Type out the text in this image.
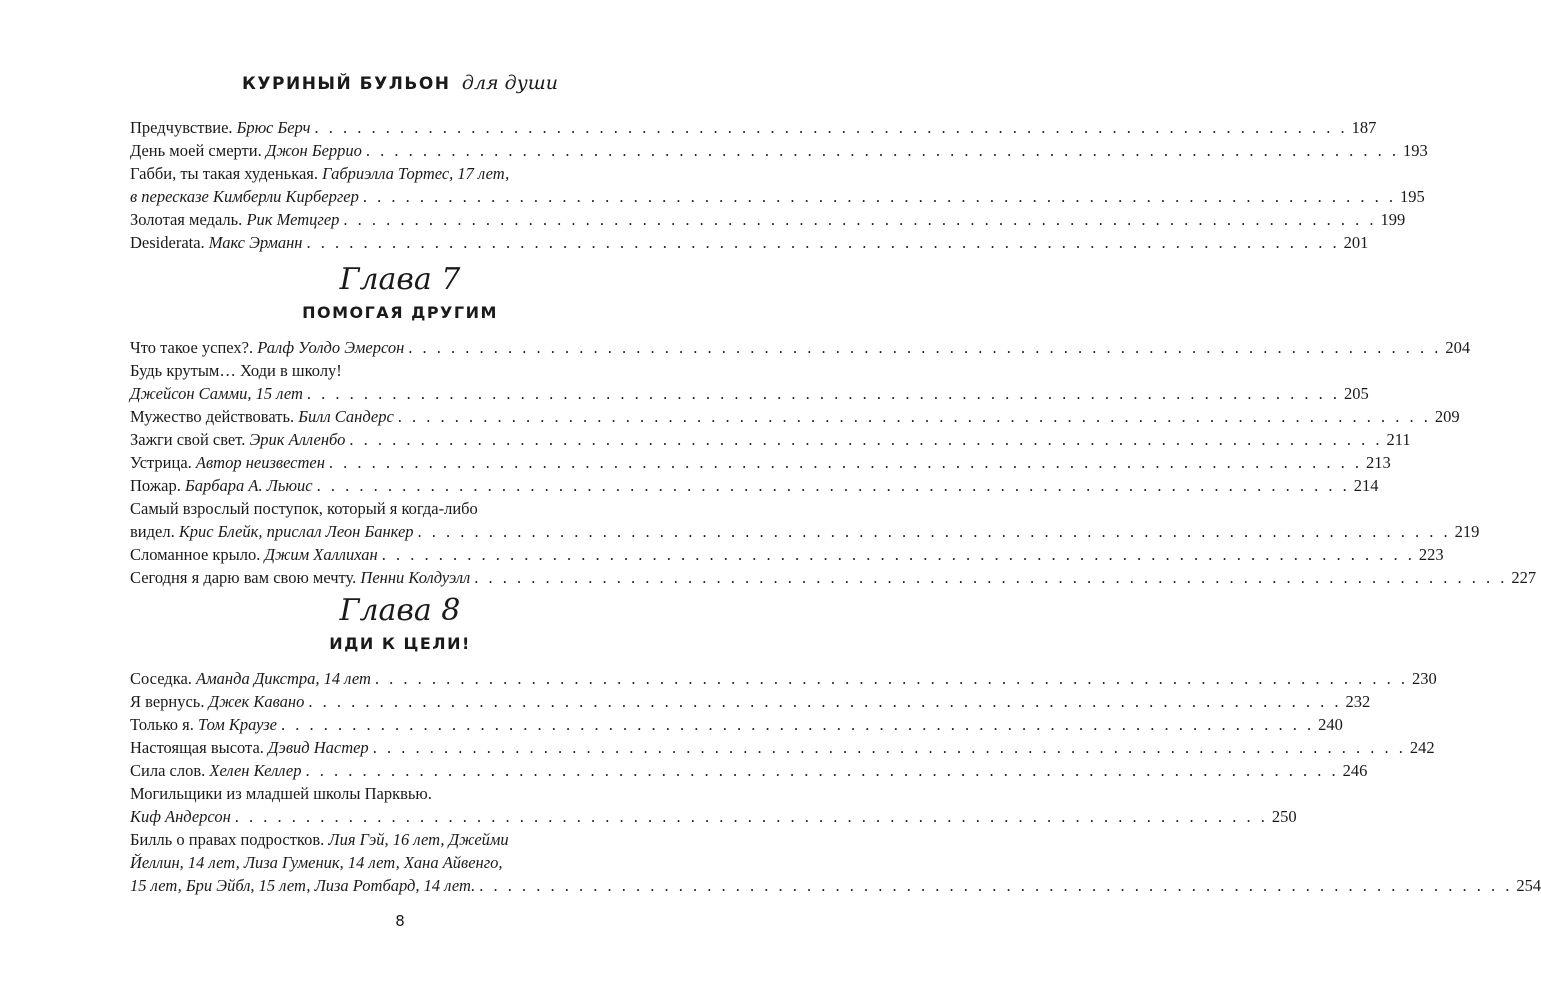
КУРИНЫЙ БУЛЬОН для души
Предчувствие. Брюс Берч . . . . . . . . . . . . . . . . . . . . . . . . . . . . . . . . . . . . . . . . . . . . . . . . . . . . . . . . . . . . . . . . . . . . . . . . . 187
День моей смерти. Джон Беррио . . . . . . . . . . . . . . . . . . . . . . . . . . . . . . . . . . . . . . . . . . . . . . . . . . . . . . . . . . . . . . . . . . . . . . . . . 193
Габби, ты такая худенькая. Габриэлла Тортес, 17 лет,
в пересказе Кимберли Кирбергер . . . . . . . . . . . . . . . . . . . . . . . . . . . . . . . . . . . . . . . . . . . . . . . . . . . . . . . . . . . . . . . . . . . . . . . . . 195
Золотая медаль. Рик Метцгер . . . . . . . . . . . . . . . . . . . . . . . . . . . . . . . . . . . . . . . . . . . . . . . . . . . . . . . . . . . . . . . . . . . . . . . . . 199
Desiderata. Макс Эрманн . . . . . . . . . . . . . . . . . . . . . . . . . . . . . . . . . . . . . . . . . . . . . . . . . . . . . . . . . . . . . . . . . . . . . . . . . 201
Глава 7
ПОМОГАЯ ДРУГИМ
Что такое успех?. Ралф Уолдо Эмерсон . . . . . . . . . . . . . . . . . . . . . . . . . . . . . . . . . . . . . . . . . . . . . . . . . . . . . . . . . . . . . . . . . . . . . . . . . 204
Будь крутым… Ходи в школу!
Джейсон Самми, 15 лет . . . . . . . . . . . . . . . . . . . . . . . . . . . . . . . . . . . . . . . . . . . . . . . . . . . . . . . . . . . . . . . . . . . . . . . . . 205
Мужество действовать. Билл Сандерс . . . . . . . . . . . . . . . . . . . . . . . . . . . . . . . . . . . . . . . . . . . . . . . . . . . . . . . . . . . . . . . . . . . . . . . . . 209
Зажги свой свет. Эрик Алленбо . . . . . . . . . . . . . . . . . . . . . . . . . . . . . . . . . . . . . . . . . . . . . . . . . . . . . . . . . . . . . . . . . . . . . . . . . 211
Устрица. Автор неизвестен . . . . . . . . . . . . . . . . . . . . . . . . . . . . . . . . . . . . . . . . . . . . . . . . . . . . . . . . . . . . . . . . . . . . . . . . . 213
Пожар. Барбара А. Льюис . . . . . . . . . . . . . . . . . . . . . . . . . . . . . . . . . . . . . . . . . . . . . . . . . . . . . . . . . . . . . . . . . . . . . . . . . 214
Самый взрослый поступок, который я когда-либо
видел. Крис Блейк, прислал Леон Банкер . . . . . . . . . . . . . . . . . . . . . . . . . . . . . . . . . . . . . . . . . . . . . . . . . . . . . . . . . . . . . . . . . . . . . . . . . 219
Сломанное крыло. Джим Халлихан . . . . . . . . . . . . . . . . . . . . . . . . . . . . . . . . . . . . . . . . . . . . . . . . . . . . . . . . . . . . . . . . . . . . . . . . . 223
Сегодня я дарю вам свою мечту. Пенни Колдуэлл . . . . . . . . . . . . . . . . . . . . . . . . . . . . . . . . . . . . . . . . . . . . . . . . . . . . . . . . . . . . . . . . . . . . . . . . . 227
Глава 8
ИДИ К ЦЕЛИ!
Соседка. Аманда Дикстра, 14 лет . . . . . . . . . . . . . . . . . . . . . . . . . . . . . . . . . . . . . . . . . . . . . . . . . . . . . . . . . . . . . . . . . . . . . . . . . 230
Я вернусь. Джек Кавано . . . . . . . . . . . . . . . . . . . . . . . . . . . . . . . . . . . . . . . . . . . . . . . . . . . . . . . . . . . . . . . . . . . . . . . . . 232
Только я. Том Краузе . . . . . . . . . . . . . . . . . . . . . . . . . . . . . . . . . . . . . . . . . . . . . . . . . . . . . . . . . . . . . . . . . . . . . . . . . 240
Настоящая высота. Дэвид Настер . . . . . . . . . . . . . . . . . . . . . . . . . . . . . . . . . . . . . . . . . . . . . . . . . . . . . . . . . . . . . . . . . . . . . . . . . 242
Сила слов. Хелен Келлер . . . . . . . . . . . . . . . . . . . . . . . . . . . . . . . . . . . . . . . . . . . . . . . . . . . . . . . . . . . . . . . . . . . . . . . . . 246
Могильщики из младшей школы Парквью.
Киф Андерсон . . . . . . . . . . . . . . . . . . . . . . . . . . . . . . . . . . . . . . . . . . . . . . . . . . . . . . . . . . . . . . . . . . . . . . . . . 250
Билль о правах подростков. Лия Гэй, 16 лет, Джейми
Йеллин, 14 лет, Лиза Гуменик, 14 лет, Хана Айвенго,
15 лет, Бри Эйбл, 15 лет, Лиза Ротбард, 14 лет. . . . . . . . . . . . . . . . . . . . . . . . . . . . . . . . . . . . . . . . . . . . . . . . . . . . . . . . . . . . . . . . . . . . . . . . . . 254
8
